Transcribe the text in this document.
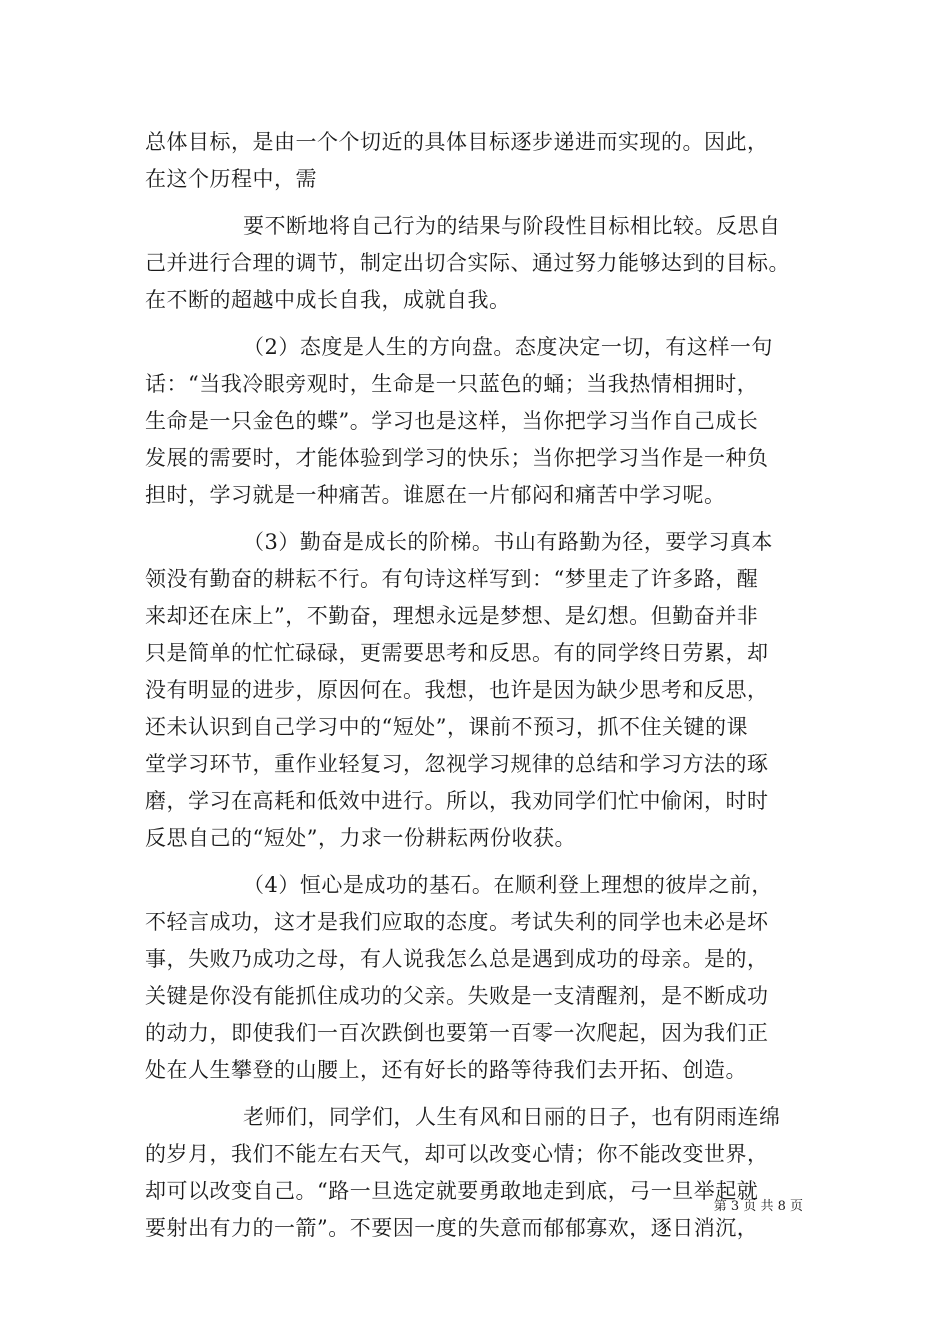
总体目标，是由一个个切近的具体目标逐步递进而实现的。因此，
在这个历程中，需
要不断地将自己行为的结果与阶段性目标相比较。反思自
己并进行合理的调节，制定出切合实际、通过努力能够达到的目标。
在不断的超越中成长自我，成就自我。
（2）态度是人生的方向盘。态度决定一切，有这样一句
话：“当我冷眼旁观时，生命是一只蓝色的蛹；当我热情相拥时，
生命是一只金色的蝶”。学习也是这样，当你把学习当作自己成长
发展的需要时，才能体验到学习的快乐；当你把学习当作是一种负
担时，学习就是一种痛苦。谁愿在一片郁闷和痛苦中学习呢。
（3）勤奋是成长的阶梯。书山有路勤为径，要学习真本
领没有勤奋的耕耘不行。有句诗这样写到：“梦里走了许多路，醒
来却还在床上”，不勤奋，理想永远是梦想、是幻想。但勤奋并非
只是简单的忙忙碌碌，更需要思考和反思。有的同学终日劳累，却
没有明显的进步，原因何在。我想，也许是因为缺少思考和反思，
还未认识到自己学习中的“短处”，课前不预习，抓不住关键的课
堂学习环节，重作业轻复习，忽视学习规律的总结和学习方法的琢
磨，学习在高耗和低效中进行。所以，我劝同学们忙中偷闲，时时
反思自己的“短处”，力求一份耕耘两份收获。
（4）恒心是成功的基石。在顺利登上理想的彼岸之前，
不轻言成功，这才是我们应取的态度。考试失利的同学也未必是坏
事，失败乃成功之母，有人说我怎么总是遇到成功的母亲。是的，
关键是你没有能抓住成功的父亲。失败是一支清醒剂，是不断成功
的动力，即使我们一百次跌倒也要第一百零一次爬起，因为我们正
处在人生攀登的山腰上，还有好长的路等待我们去开拓、创造。
老师们，同学们，人生有风和日丽的日子，也有阴雨连绵
的岁月，我们不能左右天气，却可以改变心情；你不能改变世界，
却可以改变自己。“路一旦选定就要勇敢地走到底，弓一旦举起就
要射出有力的一箭”。不要因一度的失意而郁郁寡欢，逐日消沉，
第 3 页 共 8 页
